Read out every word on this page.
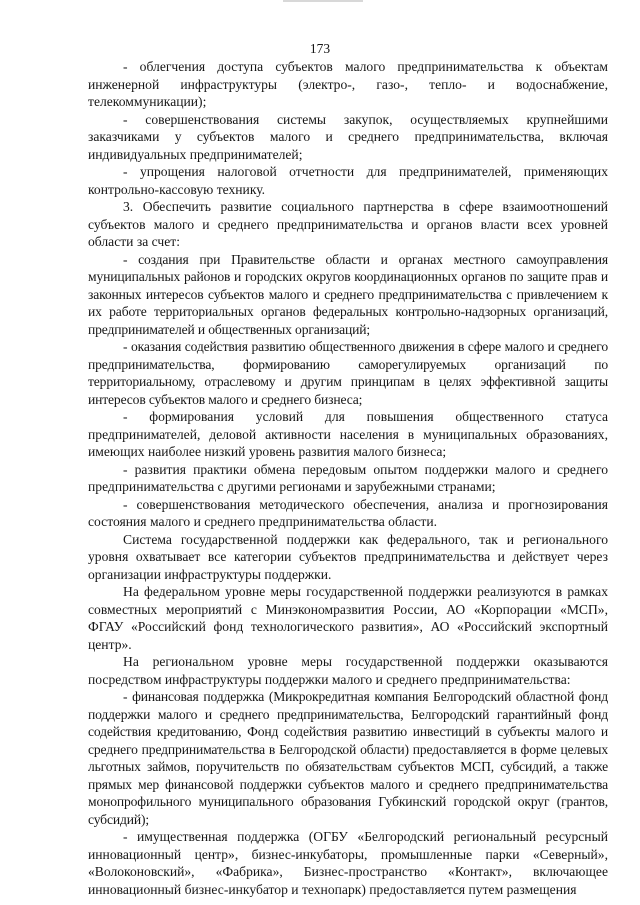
173

- облегчения доступа субъектов малого предпринимательства к объектам инженерной инфраструктуры (электро-, газо-, тепло- и водоснабжение, телекоммуникации);

- совершенствования системы закупок, осуществляемых крупнейшими заказчиками у субъектов малого и среднего предпринимательства, включая индивидуальных предпринимателей;

- упрощения налоговой отчетности для предпринимателей, применяющих контрольно-кассовую технику.

3. Обеспечить развитие социального партнерства в сфере взаимоотношений субъектов малого и среднего предпринимательства и органов власти всех уровней области за счет:

- создания при Правительстве области и органах местного самоуправления муниципальных районов и городских округов координационных органов по защите прав и законных интересов субъектов малого и среднего предпринимательства с привлечением к их работе территориальных органов федеральных контрольно-надзорных организаций, предпринимателей и общественных организаций;

- оказания содействия развитию общественного движения в сфере малого и среднего предпринимательства, формированию саморегулируемых организаций по территориальному, отраслевому и другим принципам в целях эффективной защиты интересов субъектов малого и среднего бизнеса;

- формирования условий для повышения общественного статуса предпринимателей, деловой активности населения в муниципальных образованиях, имеющих наиболее низкий уровень развития малого бизнеса;

- развития практики обмена передовым опытом поддержки малого и среднего предпринимательства с другими регионами и зарубежными странами;

- совершенствования методического обеспечения, анализа и прогнозирования состояния малого и среднего предпринимательства области.

Система государственной поддержки как федерального, так и регионального уровня охватывает все категории субъектов предпринимательства и действует через организации инфраструктуры поддержки.

На федеральном уровне меры государственной поддержки реализуются в рамках совместных мероприятий с Минэкономразвития России, АО «Корпорации «МСП», ФГАУ «Российский фонд технологического развития», АО «Российский экспортный центр».

На региональном уровне меры государственной поддержки оказываются посредством инфраструктуры поддержки малого и среднего предпринимательства:

- финансовая поддержка (Микрокредитная компания Белгородский областной фонд поддержки малого и среднего предпринимательства, Белгородский гарантийный фонд содействия кредитованию, Фонд содействия развитию инвестиций в субъекты малого и среднего предпринимательства в Белгородской области) предоставляется в форме целевых льготных займов, поручительств по обязательствам субъектов МСП, субсидий, а также прямых мер финансовой поддержки субъектов малого и среднего предпринимательства монопрофильного муниципального образования Губкинский городской округ (грантов, субсидий);

- имущественная поддержка (ОГБУ «Белгородский региональный ресурсный инновационный центр», бизнес-инкубаторы, промышленные парки «Северный», «Волоконовский», «Фабрика», Бизнес-пространство «Контакт», включающее инновационный бизнес-инкубатор и технопарк) предоставляется путем размещения
